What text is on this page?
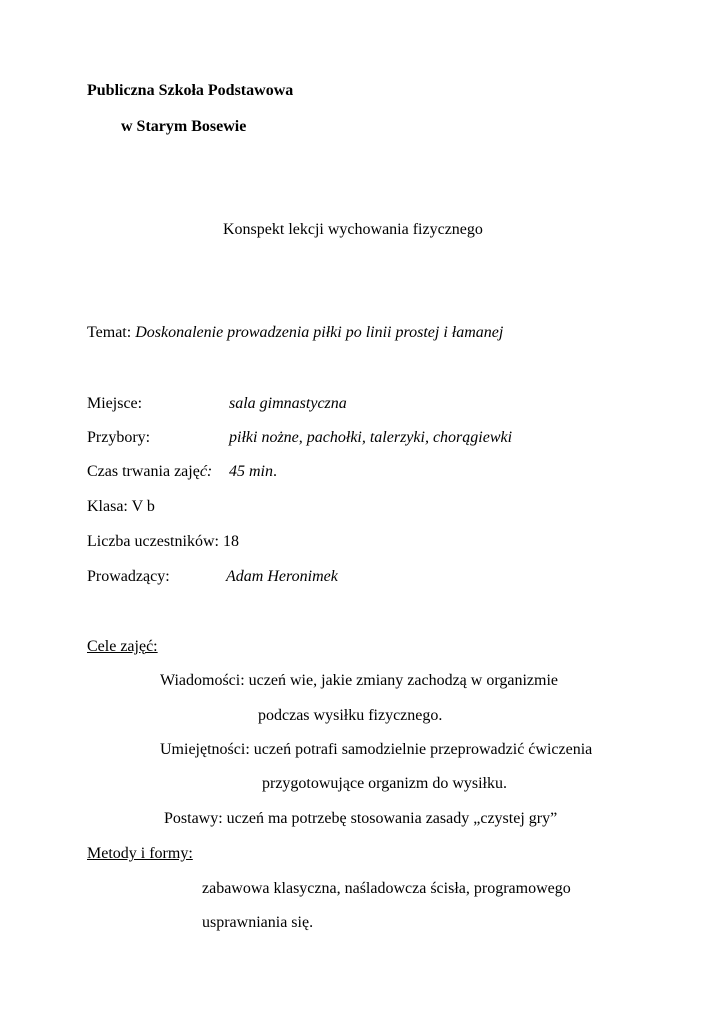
Publiczna Szkoła Podstawowa
w Starym Bosewie
Konspekt lekcji wychowania fizycznego
Temat: Doskonalenie prowadzenia piłki po linii prostej i łamanej
Miejsce:	sala gimnastyczna
Przybory:	piłki nożne, pachołki, talerzyki, chorągiewki
Czas trwania zajęć: 45 min.
Klasa: V b
Liczba uczestników: 18
Prowadzący:	Adam Heronimek
Cele zajęć:
Wiadomości: uczeń wie, jakie zmiany zachodzą w organizmie
podczas wysiłku fizycznego.
Umiejętności: uczeń potrafi samodzielnie przeprowadzić ćwiczenia
przygotowujące organizm do wysiłku.
Postawy: uczeń ma potrzebę stosowania zasady „czystej gry”
Metody i formy:
zabawowa klasyczna, naśladowcza ścisła, programowego
usprawniania się.
